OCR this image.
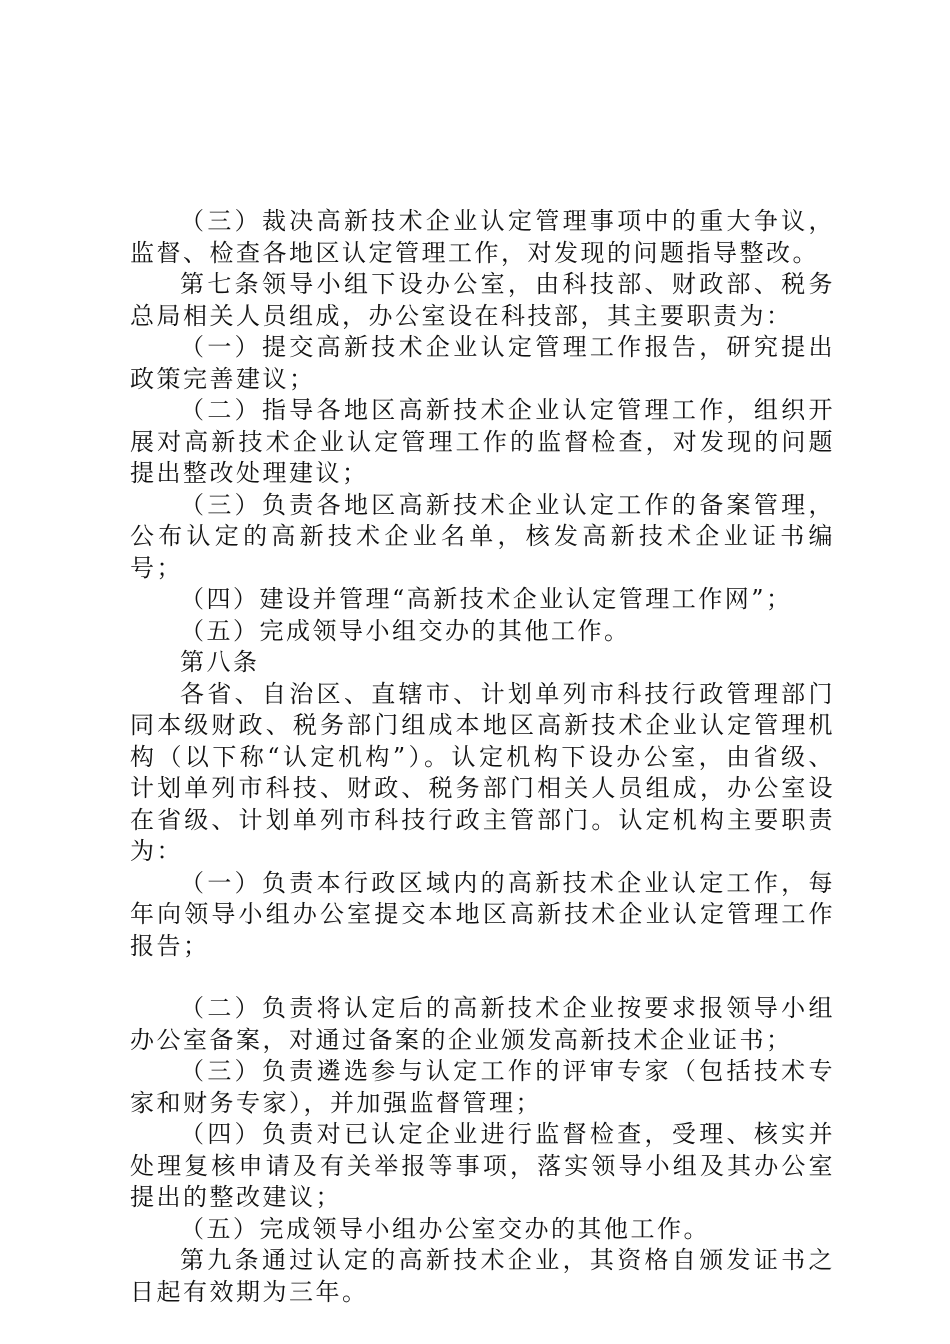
（三）裁决高新技术企业认定管理事项中的重大争议，监督、检查各地区认定管理工作，对发现的问题指导整改。

第七条领导小组下设办公室，由科技部、财政部、税务总局相关人员组成，办公室设在科技部，其主要职责为：

（一）提交高新技术企业认定管理工作报告，研究提出政策完善建议；

（二）指导各地区高新技术企业认定管理工作，组织开展对高新技术企业认定管理工作的监督检查，对发现的问题提出整改处理建议；

（三）负责各地区高新技术企业认定工作的备案管理，公布认定的高新技术企业名单，核发高新技术企业证书编号；

（四）建设并管理“高新技术企业认定管理工作网”；

（五）完成领导小组交办的其他工作。

第八条

各省、自治区、直辖市、计划单列市科技行政管理部门同本级财政、税务部门组成本地区高新技术企业认定管理机构（以下称“认定机构”）。认定机构下设办公室，由省级、计划单列市科技、财政、税务部门相关人员组成，办公室设在省级、计划单列市科技行政主管部门。认定机构主要职责为：

（一）负责本行政区域内的高新技术企业认定工作，每年向领导小组办公室提交本地区高新技术企业认定管理工作报告；

（二）负责将认定后的高新技术企业按要求报领导小组办公室备案，对通过备案的企业颁发高新技术企业证书；

（三）负责遴选参与认定工作的评审专家（包括技术专家和财务专家），并加强监督管理；

（四）负责对已认定企业进行监督检查，受理、核实并处理复核申请及有关举报等事项，落实领导小组及其办公室提出的整改建议；

（五）完成领导小组办公室交办的其他工作。

第九条通过认定的高新技术企业，其资格自颁发证书之日起有效期为三年。
